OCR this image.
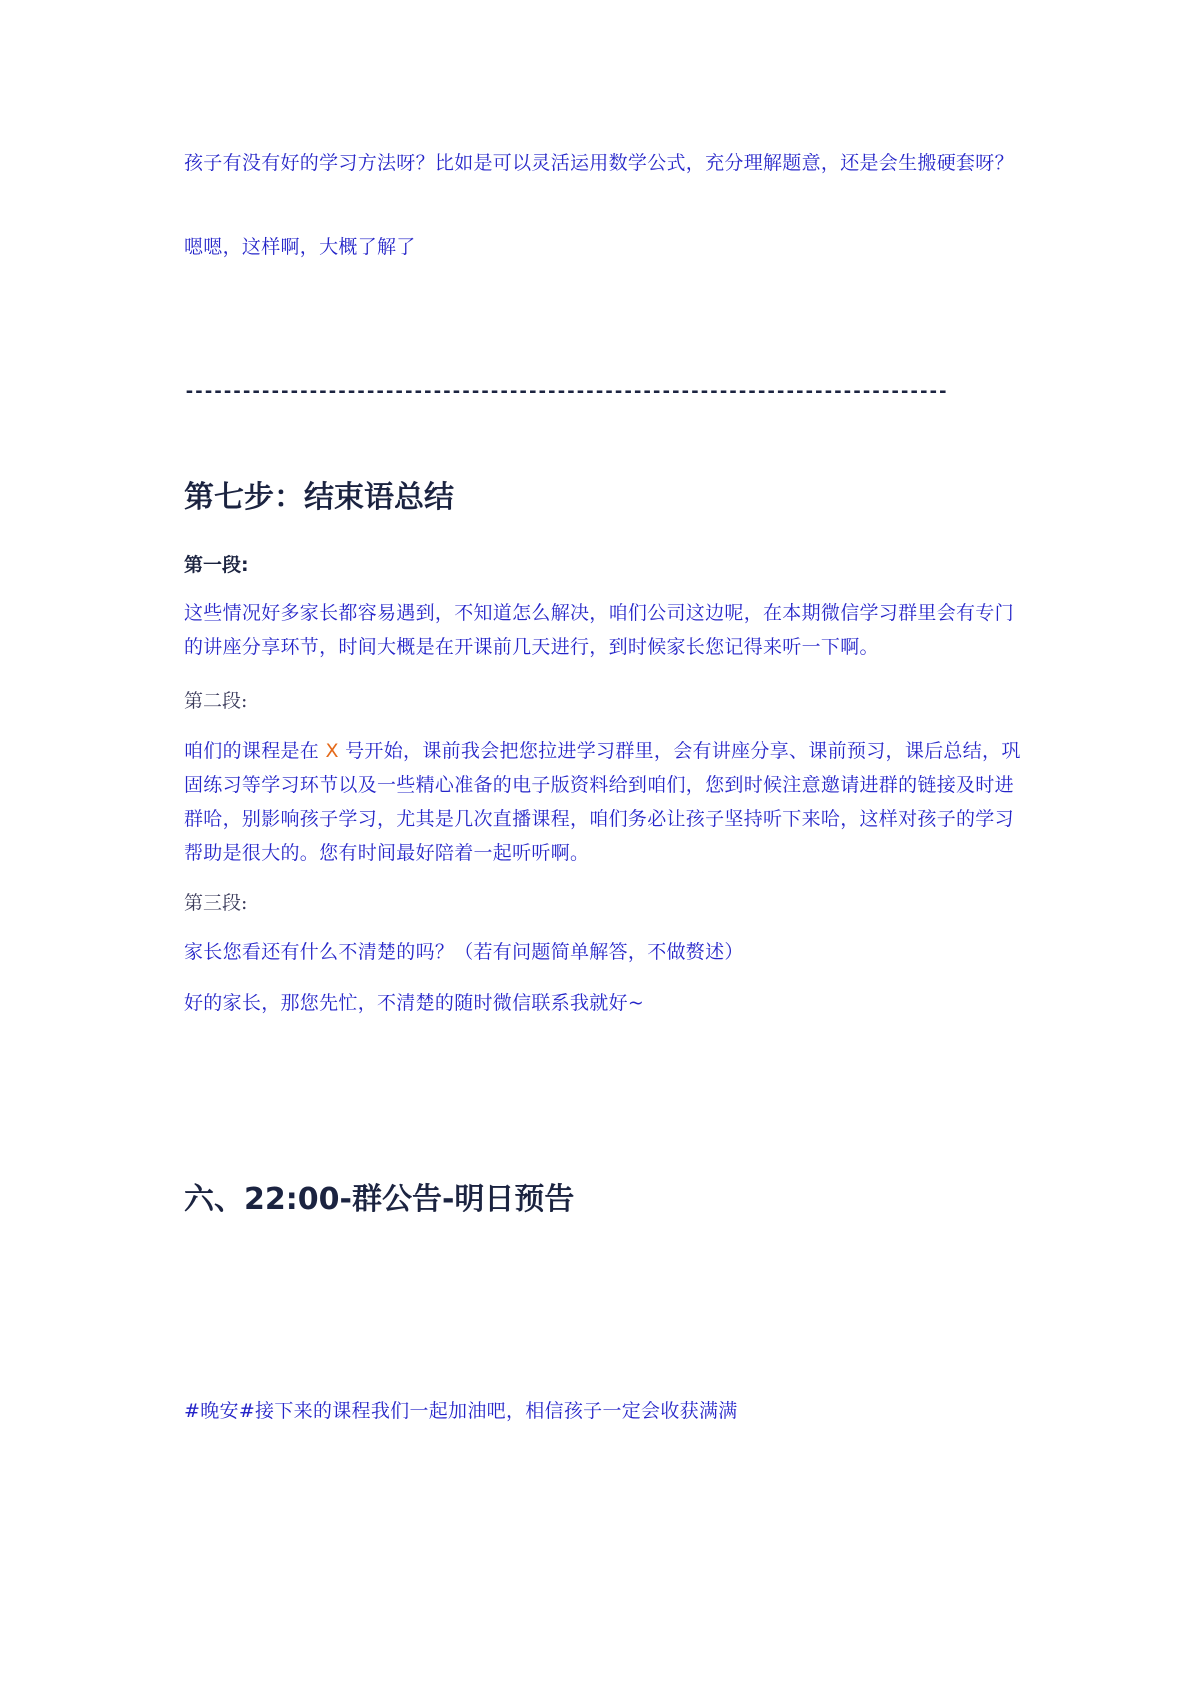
孩子有没有好的学习方法呀？比如是可以灵活运用数学公式，充分理解题意，还是会生搬硬套呀？

嗯嗯，这样啊，大概了解了

--------------------------------------------------------------------------------
第七步：结束语总结

第一段:

这些情况好多家长都容易遇到，不知道怎么解决，咱们公司这边呢，在本期微信学习群里会有专门的讲座分享环节，时间大概是在开课前几天进行，到时候家长您记得来听一下啊。

第二段:

咱们的课程是在 X 号开始，课前我会把您拉进学习群里，会有讲座分享、课前预习，课后总结，巩固练习等学习环节以及一些精心准备的电子版资料给到咱们，您到时候注意邀请进群的链接及时进群哈，别影响孩子学习，尤其是几次直播课程，咱们务必让孩子坚持听下来哈，这样对孩子的学习帮助是很大的。您有时间最好陪着一起听听啊。

第三段:

家长您看还有什么不清楚的吗？（若有问题简单解答，不做赘述）

好的家长，那您先忙，不清楚的随时微信联系我就好~

六、22:00-群公告-明日预告

#晚安#接下来的课程我们一起加油吧，相信孩子一定会收获满满
